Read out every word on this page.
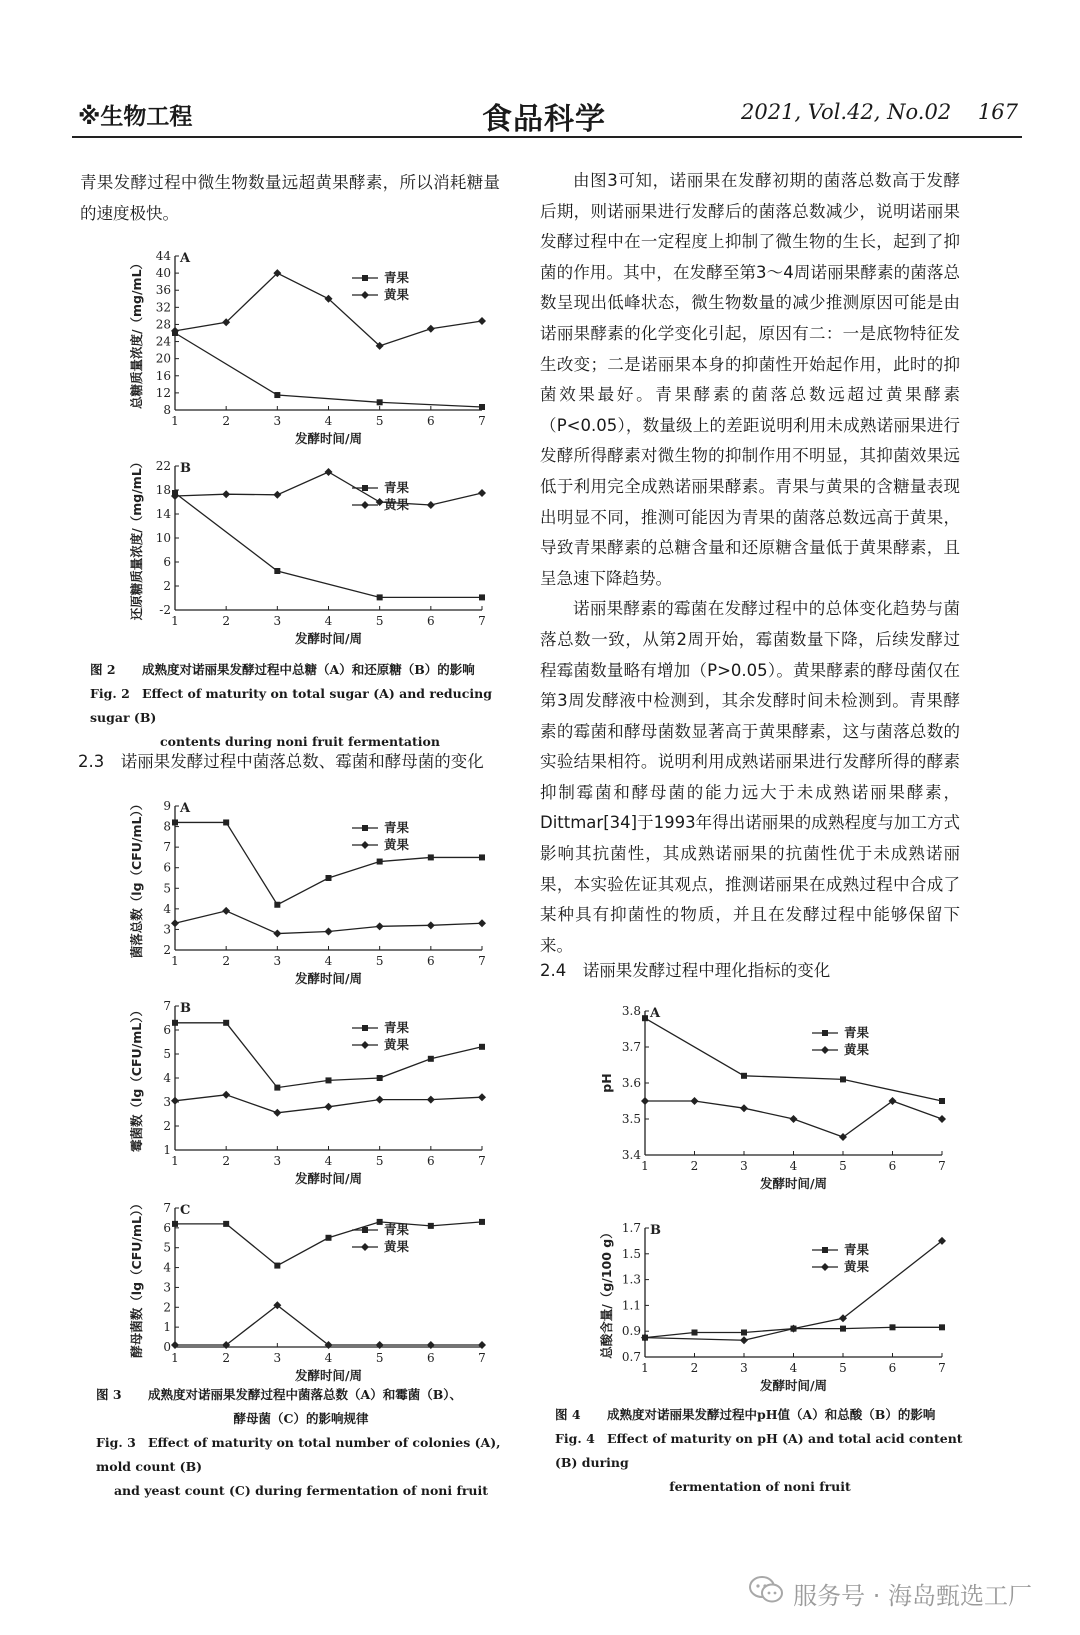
※生物工程	食品科学	2021, Vol.42, No.02 167

青果发酵过程中微生物数量远超黄果酵素，所以消耗糖量的速度极快。

由图3可知，诺丽果在发酵初期的菌落总数高于发酵后期，则诺丽果进行发酵后的菌落总数减少，说明诺丽果发酵过程中在一定程度上抑制了微生物的生长，起到了抑菌的作用。其中，在发酵至第3～4周诺丽果酵素的菌落总数呈现出低峰状态，微生物数量的减少推测原因可能是由诺丽果酵素的化学变化引起，原因有二：一是底物特征发生改变；二是诺丽果本身的抑菌性开始起作用，此时的抑菌效果最好。青果酵素的菌落总数远超过黄果酵素（P<0.05），数量级上的差距说明利用未成熟诺丽果进行发酵所得酵素对微生物的抑制作用不明显，其抑菌效果远低于利用完全成熟诺丽果酵素。青果与黄果的含糖量表现出明显不同，推测可能因为青果的菌落总数远高于黄果，导致青果酵素的总糖含量和还原糖含量低于黄果酵素，且呈急速下降趋势。

诺丽果酵素的霉菌在发酵过程中的总体变化趋势与菌落总数一致，从第2周开始，霉菌数量下降，后续发酵过程霉菌数量略有增加（P>0.05）。黄果酵素的酵母菌仅在第3周发酵液中检测到，其余发酵时间未检测到。青果酵素的霉菌和酵母菌数显著高于黄果酵素，这与菌落总数的实验结果相符。说明利用成熟诺丽果进行发酵所得的酵素抑制霉菌和酵母菌的能力远大于未成熟诺丽果酵素，Dittmar[34]于1993年得出诺丽果的成熟程度与加工方式影响其抗菌性，其成熟诺丽果的抗菌性优于未成熟诺丽果，本实验佐证其观点，推测诺丽果在成熟过程中合成了某种具有抑菌性的物质，并且在发酵过程中能够保留下来。

2.4　诺丽果发酵过程中理化指标的变化
2.3　诺丽果发酵过程中菌落总数、霉菌和酵母菌的变化
8
12
16
20
24
28
32
36
40
44
1	2	3	4	5	6	7
A
发酵时间/周
总糖质量浓度/（mg/mL）	青果
黄果
-2
2
6
10
14
18
22
1	2	3	4	5	6	7
B
发酵时间/周
还原糖质量浓度/（mg/mL）	青果
黄果
2
3
4
5
6
7
8
9
1	2	3	4	5	6	7
A
发酵时间/周
菌落总数（lg（CFU/mL））	青果
黄果
1
2
3
4
5
6
7
1	2	3	4	5	6	7
B
发酵时间/周
霉菌数（lg（CFU/mL））	青果
黄果
0
1
2
3
4
5
6
7
1	2	3	4	5	6	7
C
发酵时间/周
酵母菌数（lg（CFU/mL））	青果
黄果
3.4
3.5
3.6
3.7
3.8
1	2	3	4	5	6	7
A
发酵时间/周
pH
青果
黄果
0.7
0.9
1.1
1.3
1.5
1.7
1	2	3	4	5	6	7
B
发酵时间/周
总酸含量/（g/100 g）	青果
黄果
图 2 成熟度对诺丽果发酵过程中总糖（A）和还原糖（B）的影响
Fig. 2 Effect of maturity on total sugar (A) and reducing sugar (B)
contents during noni fruit fermentation
图 3 成熟度对诺丽果发酵过程中菌落总数（A）和霉菌（B）、
酵母菌（C）的影响规律
Fig. 3 Effect of maturity on total number of colonies (A), mold count (B)
and yeast count (C) during fermentation of noni fruit
图 4 成熟度对诺丽果发酵过程中pH值（A）和总酸（B）的影响
Fig. 4 Effect of maturity on pH (A) and total acid content (B) during
fermentation of noni fruit
服务号 · 海岛甄选工厂
